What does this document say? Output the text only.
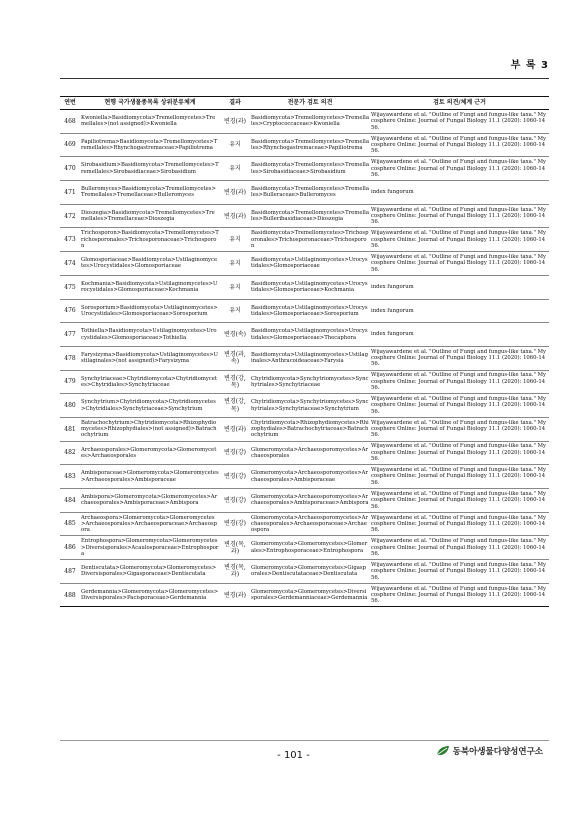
부 록 3
연번	현행 국가생물종목록 상위분류체계	결과	전문가 검토 의견	검토 의견/체계 근거
468	Kwoniella>Basidiomycota>Tremellomycetes>Tremellales>(not assigned)>Kwoniella	변경(과)	Basidiomycota>Tremellomycetes>Tremellales>Cryptococcaceae>Kwoniella	Wijayawardene et al. "Outline of Fungi and fungus-like taxa." Mycosphere Online: Journal of Fungal Biology 11.1 (2020): 1060-1456.
469	Papiliotrema>Basidiomycota>Tremellomycetes>Tremellales>Rhynchogastremaceae>Papiliotrema	유지	Basidiomycota>Tremellomycetes>Tremellales>Rhynchogastremaceae>Papiliotrema	Wijayawardene et al. "Outline of Fungi and fungus-like taxa." Mycosphere Online: Journal of Fungal Biology 11.1 (2020): 1060-1456.
470	Sirobasidium>Basidiomycota>Tremellomycetes>Tremellales>Sirobasidiaceae>Sirobasidium	유지	Basidiomycota>Tremellomycetes>Tremellales>Sirobasidiaceae>Sirobasidium	Wijayawardene et al. "Outline of Fungi and fungus-like taxa." Mycosphere Online: Journal of Fungal Biology 11.1 (2020): 1060-1456.
471	Bulleromyces>Basidiomycota>Tremellomycetes>Tremellales>Tremellaceae>Bulleromyces	변경(과)	Basidiomycota>Tremellomycetes>Tremellales>Bulleraceae>Bulleromyces	index fungorum
472	Dioszegia>Basidiomycota>Tremellomycetes>Tremellales>Tremellaceae>Dioszegia	변경(과)	Basidiomycota>Tremellomycetes>Tremellales>Bulleribasidiaceae>Dioszegia	Wijayawardene et al. "Outline of Fungi and fungus-like taxa." Mycosphere Online: Journal of Fungal Biology 11.1 (2020): 1060-1456.
473	Trichosporon>Basidiomycota>Tremellomycetes>Trichosporonales>Trichosporonaceae>Trichosporon	유지	Basidiomycota>Tremellomycetes>Trichosporonales>Trichosporonaceae>Trichosporon	Wijayawardene et al. "Outline of Fungi and fungus-like taxa." Mycosphere Online: Journal of Fungal Biology 11.1 (2020): 1060-1456.
474	Glomosporiaceae>Basidiomycota>Ustilaginomycetes>Urocystidales>Glomosporiaceae	유지	Basidiomycota>Ustilaginomycetes>Urocystidales>Glomosporiaceae	Wijayawardene et al. "Outline of Fungi and fungus-like taxa." Mycosphere Online: Journal of Fungal Biology 11.1 (2020): 1060-1456.
475	Kochmania>Basidiomycota>Ustilaginomycetes>Urocystidales>Glomosporiaceae>Kochmania	유지	Basidiomycota>Ustilaginomycetes>Urocystidales>Glomosporiaceae>Kochmania	index fungorum
476	Sorosporium>Basidiomycota>Ustilaginomycetes>Urocystidales>Glomosporiaceae>Sorosporium	유지	Basidiomycota>Ustilaginomycetes>Urocystidales>Glomosporiaceae>Sorosporium	index fungorum
477	Tothiella>Basidiomycota>Ustilaginomycetes>Urocystidales>Glomosporiaceae>Tothiella	변경(속)	Basidiomycota>Ustilaginomycetes>Urocystidales>Glomosporiaceae>Thecaphora	index fungorum
478	Farysizyma>Basidiomycota>Ustilaginomycetes>Ustilaginales>(not assigned)>Farysizyma	변경(과, 속)	Basidiomycota>Ustilaginomycetes>Ustilaginales>Anthracoideaceae>Farysia	Wijayawardene et al. "Outline of Fungi and fungus-like taxa." Mycosphere Online: Journal of Fungal Biology 11.1 (2020): 1060-1456.
479	Synchytriaceae>Chytridiomycota>Chytridiomycetes>Chytridiales>Synchytriaceae	변경(강, 목)	Chytridiomycota>Synchytriomycetes>Synchytriales>Synchytriaceae	Wijayawardene et al. "Outline of Fungi and fungus-like taxa." Mycosphere Online: Journal of Fungal Biology 11.1 (2020): 1060-1456.
480	Synchytrium>Chytridiomycota>Chytridiomycetes>Chytridiales>Synchytriaceae>Synchytrium	변경(강, 목)	Chytridiomycota>Synchytriomycetes>Synchytriales>Synchytriaceae>Synchytrium	Wijayawardene et al. "Outline of Fungi and fungus-like taxa." Mycosphere Online: Journal of Fungal Biology 11.1 (2020): 1060-1456.
481	Batrachochytrium>Chytridiomycota>Rhizophydiomycetes>Rhizophydiales>(not assigned)>Batrachochytrium	변경(과)	Chytridiomycota>Rhizophydiomycetes>Rhizophydiales>Batrachochytriaceae>Batrachochytrium	Wijayawardene et al. "Outline of Fungi and fungus-like taxa." Mycosphere Online: Journal of Fungal Biology 11.1 (2020): 1060-1456.
482	Archaeosporales>Glomeromycota>Glomeromycetes>Archaeosporales	변경(강)	Glomeromycota>Archaeosporomycetes>Archaeosporales	Wijayawardene et al. "Outline of Fungi and fungus-like taxa." Mycosphere Online: Journal of Fungal Biology 11.1 (2020): 1060-1456.
483	Ambisporaceae>Glomeromycota>Glomeromycetes>Archaeosporales>Ambisporaceae	변경(강)	Glomeromycota>Archaeosporomycetes>Archaeosporales>Ambisporaceae	Wijayawardene et al. "Outline of Fungi and fungus-like taxa." Mycosphere Online: Journal of Fungal Biology 11.1 (2020): 1060-1456.
484	Ambispora>Glomeromycota>Glomeromycetes>Archaeosporales>Ambisporaceae>Ambispora	변경(강)	Glomeromycota>Archaeosporomycetes>Archaeosporales>Ambisporaceae>Ambispora	Wijayawardene et al. "Outline of Fungi and fungus-like taxa." Mycosphere Online: Journal of Fungal Biology 11.1 (2020): 1060-1456.
485	Archaeospora>Glomeromycota>Glomeromycetes>Archaeosporales>Archaeosporaceae>Archaeospora	변경(강)	Glomeromycota>Archaeosporomycetes>Archaeosporales>Archaeosporaceae>Archaeospora	Wijayawardene et al. "Outline of Fungi and fungus-like taxa." Mycosphere Online: Journal of Fungal Biology 11.1 (2020): 1060-1456.
486	Entrophospora>Glomeromycota>Glomeromycetes>Diversisporales>Acaulosporaceae>Entrophospora	변경(목, 과)	Glomeromycota>Glomeromycetes>Glomerales>Entrophosporaceae>Entrophospora	Wijayawardene et al. "Outline of Fungi and fungus-like taxa." Mycosphere Online: Journal of Fungal Biology 11.1 (2020): 1060-1456.
487	Dentiscutata>Glomeromycota>Glomeromycetes>Diversisporales>Gigasporaceae>Dentiscutata	변경(목, 과)	Glomeromycota>Glomeromycetes>Gigasporales>Dentiscutataceae>Dentiscutata	Wijayawardene et al. "Outline of Fungi and fungus-like taxa." Mycosphere Online: Journal of Fungal Biology 11.1 (2020): 1060-1456.
488	Gerdemannia>Glomeromycota>Glomeromycetes>Diversisporales>Pacisporaceae>Gerdemannia	변경(과)	Glomeromycota>Glomeromycetes>Diversisporales>Gerdemanniaceae>Gerdemannia	Wijayawardene et al. "Outline of Fungi and fungus-like taxa." Mycosphere Online: Journal of Fungal Biology 11.1 (2020): 1060-1456.
- 101 -	동북아생물다양성연구소
